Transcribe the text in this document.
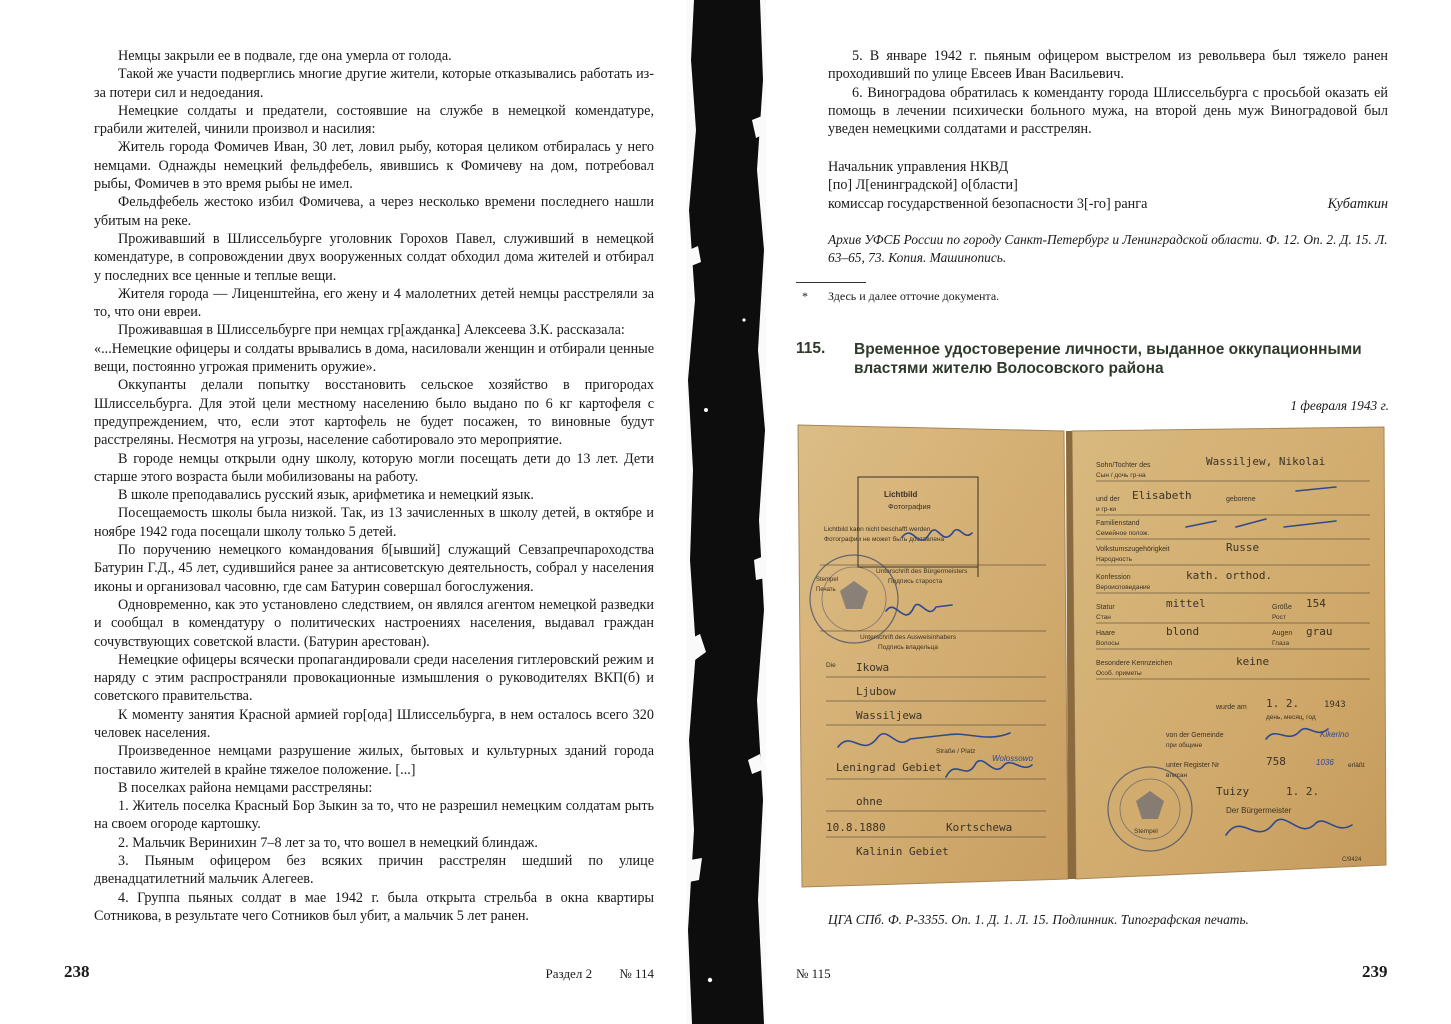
Немцы закрыли ее в подвале, где она умерла от голода.

Такой же участи подверглись многие другие жители, которые отказывались работать из-за потери сил и недоедания.

Немецкие солдаты и предатели, состоявшие на службе в немецкой комендатуре, грабили жителей, чинили произвол и насилия:

Житель города Фомичев Иван, 30 лет, ловил рыбу, которая целиком отбиралась у него немцами. Однажды немецкий фельдфебель, явившись к Фомичеву на дом, потребовал рыбы, Фомичев в это время рыбы не имел.

Фельдфебель жестоко избил Фомичева, а через несколько времени последнего нашли убитым на реке.

Проживавший в Шлиссельбурге уголовник Горохов Павел, служивший в немецкой комендатуре, в сопровождении двух вооруженных солдат обходил дома жителей и отбирал у последних все ценные и теплые вещи.

Жителя города — Лиценштейна, его жену и 4 малолетних детей немцы расстреляли за то, что они евреи.

Проживавшая в Шлиссельбурге при немцах гр[ажданка] Алексеева З.К. рассказала:

«...Немецкие офицеры и солдаты врывались в дома, насиловали женщин и отбирали ценные вещи, постоянно угрожая применить оружие».

Оккупанты делали попытку восстановить сельское хозяйство в пригородах Шлиссельбурга. Для этой цели местному населению было выдано по 6 кг картофеля с предупреждением, что, если этот картофель не будет посажен, то виновные будут расстреляны. Несмотря на угрозы, население саботировало это мероприятие.

В городе немцы открыли одну школу, которую могли посещать дети до 13 лет. Дети старше этого возраста были мобилизованы на работу.

В школе преподавались русский язык, арифметика и немецкий язык.

Посещаемость школы была низкой. Так, из 13 зачисленных в школу детей, в октябре и ноябре 1942 года посещали школу только 5 детей.

По поручению немецкого командования б[ывший] служащий Севзапречпароходства Батурин Г.Д., 45 лет, судившийся ранее за антисоветскую деятельность, собрал у населения иконы и организовал часовню, где сам Батурин совершал богослужения.

Одновременно, как это установлено следствием, он являлся агентом немецкой разведки и сообщал в комендатуру о политических настроениях населения, выдавал граждан сочувствующих советской власти. (Батурин арестован).

Немецкие офицеры всячески пропагандировали среди населения гитлеровский режим и наряду с этим распространяли провокационные измышления о руководителях ВКП(б) и советского правительства.

К моменту занятия Красной армией гор[ода] Шлиссельбурга, в нем осталось всего 320 человек населения.

Произведенное немцами разрушение жилых, бытовых и культурных зданий города поставило жителей в крайне тяжелое положение. [...]

В поселках района немцами расстреляны:

1. Житель поселка Красный Бор Зыкин за то, что не разрешил немецким солдатам рыть на своем огороде картошку.

2. Мальчик Веринихин 7–8 лет за то, что вошел в немецкий блиндаж.

3. Пьяным офицером без всяких причин расстрелян шедший по улице двенадцатилетний мальчик Алегеев.

4. Группа пьяных солдат в мае 1942 г. была открыта стрельба в окна квартиры Сотникова, в результате чего Сотников был убит, а мальчик 5 лет ранен.

238	Раздел 2 № 114

5. В январе 1942 г. пьяным офицером выстрелом из револьвера был тяжело ранен проходивший по улице Евсеев Иван Васильевич.

6. Виноградова обратилась к коменданту города Шлиссельбурга с просьбой оказать ей помощь в лечении психически больного мужа, на второй день муж Виноградовой был уведен немецкими солдатами и расстрелян.

Начальник управления НКВД
[по] Л[енинградской] о[бласти]
комиссар государственной безопасности 3[-го] ранга	Кубаткин
Архив УФСБ России по городу Санкт-Петербург и Ленинградской области. Ф. 12. Оп. 2. Д. 15. Л. 63–65, 73. Копия. Машинопись.
* Здесь и далее отточие документа.
115. Временное удостоверение личности, выданное оккупационными властями жителю Волосовского района
1 февраля 1943 г.
Lichtbild
Фотография
Lichtbild kann nicht beschafft werden
Фотографии не может быть доставлена
Unterschrift des Bürgermeisters
Подпись староста
Stempel
Печать
Unterschrift des Ausweisinhabers
Подпись владельца
Die Ikowa
Ljubow
Wassiljewa
Straße / Platz
Leningrad Gebiet
Wolossowo
ohne
10.8.1880	Kortschewa
Kalinin Gebiet
Sohn/Tochter des	Wassiljew, Nikolai
Сын / дочь гр-на
und der Elisabeth	geborene
и гр-ки
Familienstand
Семейное полож.
Volkstumszugehörigkeit	Russe
Народность
Konfession	kath. orthod.
Вероисповедание
Statur	mittel	Größe 154
Стан	Рост
Haare	blond	Augen grau
Волосы	Глаза
Besondere Kennzeichen	keine
Особ. приметы
wurde am 1. 2.	1943
день, месяц, год
von der Gemeinde	Kikerino
при общине
unter Register Nr	758	1036
вписан
erläßt
Tuizy	1. 2.
Der Bürgermeister
Stempel
C/9424
ЦГА СПб. Ф. Р-3355. Оп. 1. Д. 1. Л. 15. Подлинник. Типографская печать.
№ 115	239
